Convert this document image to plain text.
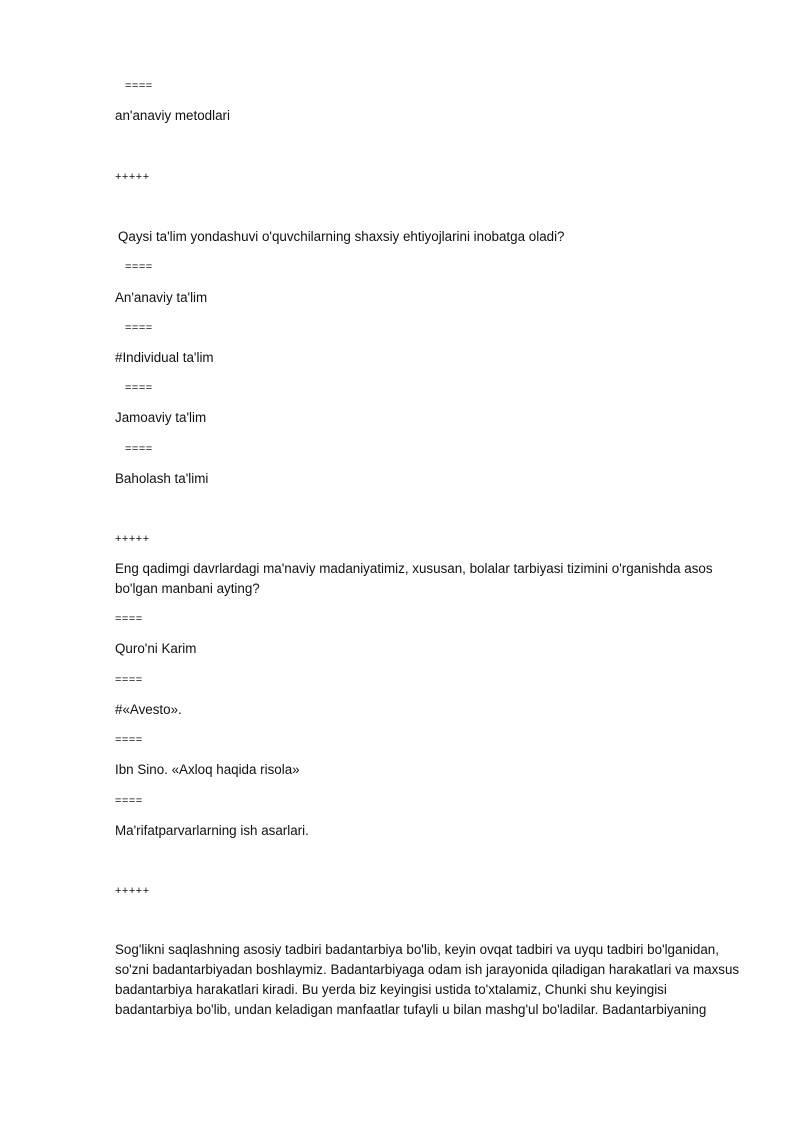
====
an'anaviy metodlari
+++++
Qaysi ta'lim yondashuvi o'quvchilarning shaxsiy ehtiyojlarini inobatga oladi?
====
An'anaviy ta'lim
====
#Individual ta'lim
====
Jamoaviy ta'lim
====
Baholash ta'limi
+++++
Eng qadimgi davrlardagi ma'naviy madaniyatimiz, xususan, bolalar tarbiyasi tizimini o'rganishda asos
bo'lgan manbani ayting?
====
Quro'ni Karim
====
#«Avesto».
====
Ibn Sino. «Axloq haqida risola»
====
Ma'rifatparvarlarning ish asarlari.
+++++
Sog'likni saqlashning asosiy tadbiri badantarbiya bo'lib, keyin ovqat tadbiri va uyqu tadbiri bo'lganidan,
so'zni badantarbiyadan boshlaymiz. Badantarbiyaga odam ish jarayonida qiladigan harakatlari va maxsus
badantarbiya harakatlari kiradi. Bu yerda biz keyingisi ustida to'xtalamiz, Chunki shu keyingisi
badantarbiya bo'lib, undan keladigan manfaatlar tufayli u bilan mashg'ul bo'ladilar. Badantarbiyaning
